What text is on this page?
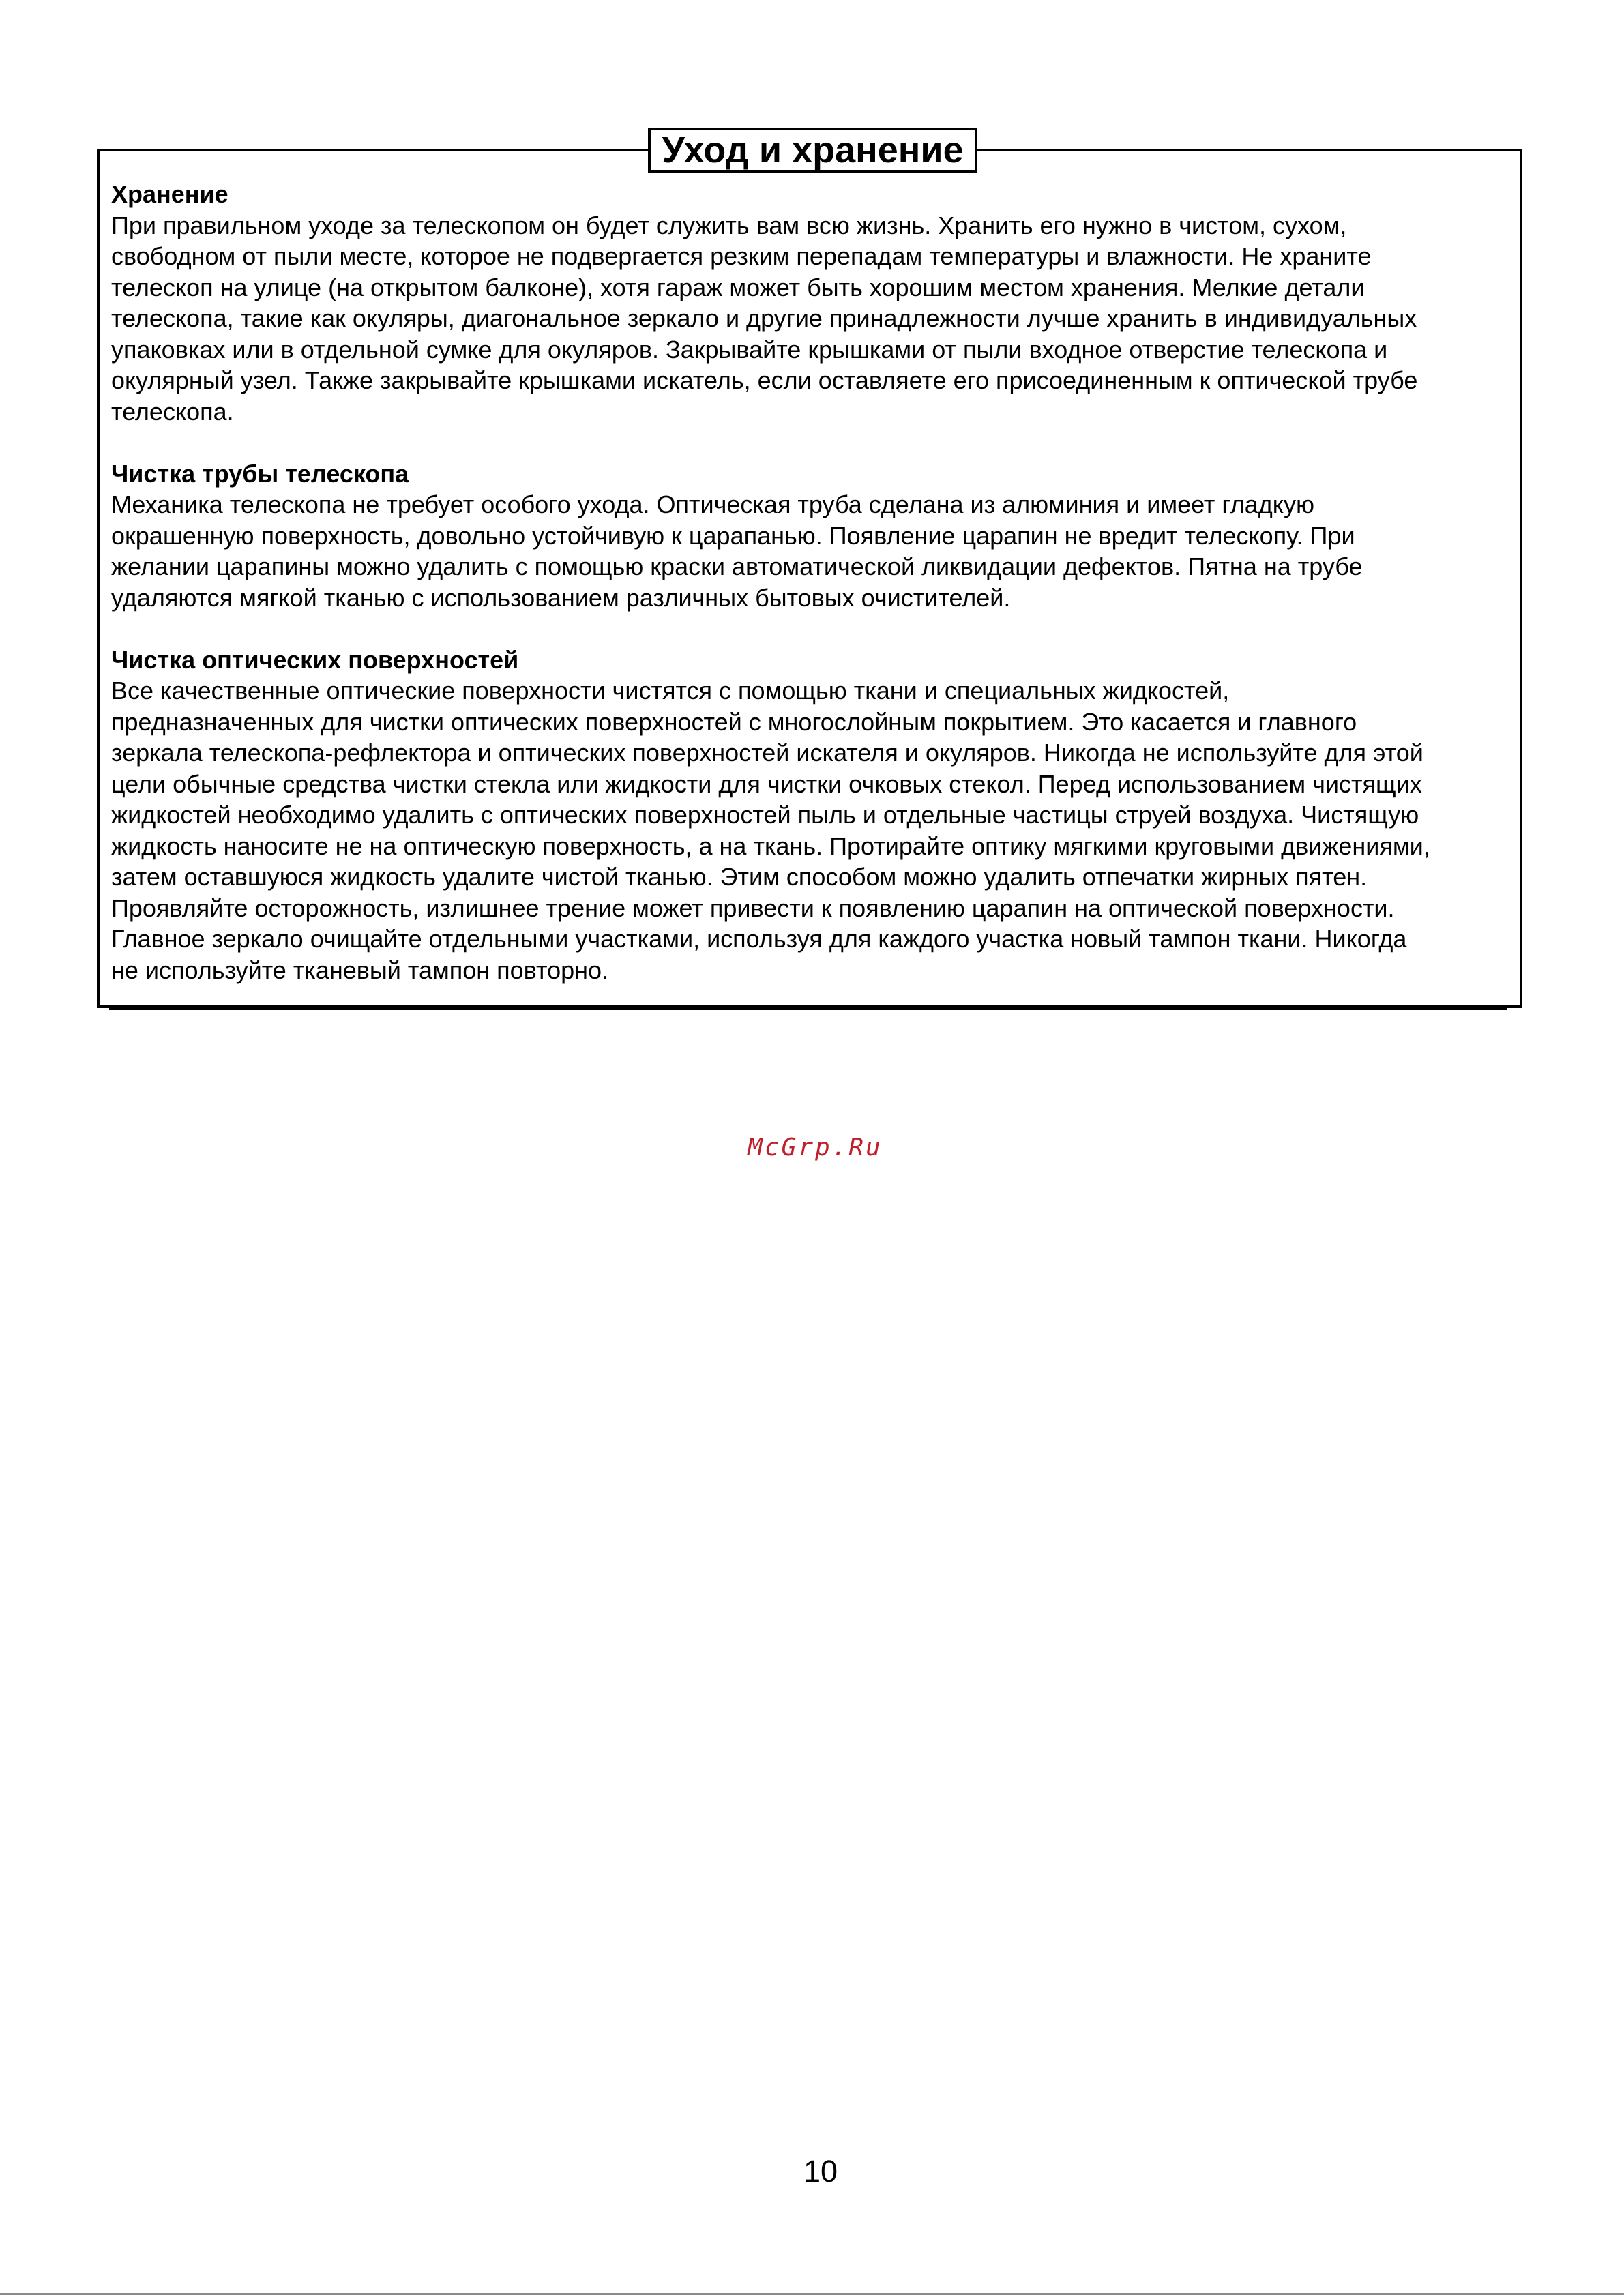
Уход и хранение
Хранение
При правильном уходе за телескопом он будет служить вам всю жизнь. Хранить его нужно в чистом, сухом,
свободном от пыли месте, которое не подвергается резким перепадам температуры и влажности. Не храните
телескоп на улице (на открытом балконе), хотя гараж может быть хорошим местом хранения. Мелкие детали
телескопа, такие как окуляры, диагональное зеркало и другие принадлежности лучше хранить в индивидуальных
упаковках или в отдельной сумке для окуляров. Закрывайте крышками от пыли входное отверстие телескопа и
окулярный узел. Также закрывайте крышками искатель, если оставляете его присоединенным к оптической трубе
телескопа.
Чистка трубы телескопа
Механика телескопа не требует особого ухода. Оптическая труба сделана из алюминия и имеет гладкую
окрашенную поверхность, довольно устойчивую к царапанью. Появление царапин не вредит телескопу. При
желании царапины можно удалить с помощью краски автоматической ликвидации дефектов. Пятна на трубе
удаляются мягкой тканью с использованием различных бытовых очистителей.
Чистка оптических поверхностей
Все качественные оптические поверхности чистятся с помощью ткани и специальных жидкостей,
предназначенных для чистки оптических поверхностей с многослойным покрытием. Это касается и главного
зеркала телескопа-рефлектора и оптических поверхностей искателя и окуляров. Никогда не используйте для этой
цели обычные средства чистки стекла или жидкости для чистки очковых стекол. Перед использованием чистящих
жидкостей необходимо удалить с оптических поверхностей пыль и отдельные частицы струей воздуха. Чистящую
жидкость наносите не на оптическую поверхность, а на ткань. Протирайте оптику мягкими круговыми движениями,
затем оставшуюся жидкость удалите чистой тканью. Этим способом можно удалить отпечатки жирных пятен.
Проявляйте осторожность, излишнее трение может привести к появлению царапин на оптической поверхности.
Главное зеркало очищайте отдельными участками, используя для каждого участка новый тампон ткани. Никогда
не используйте тканевый тампон повторно.
McGrp.Ru
10
